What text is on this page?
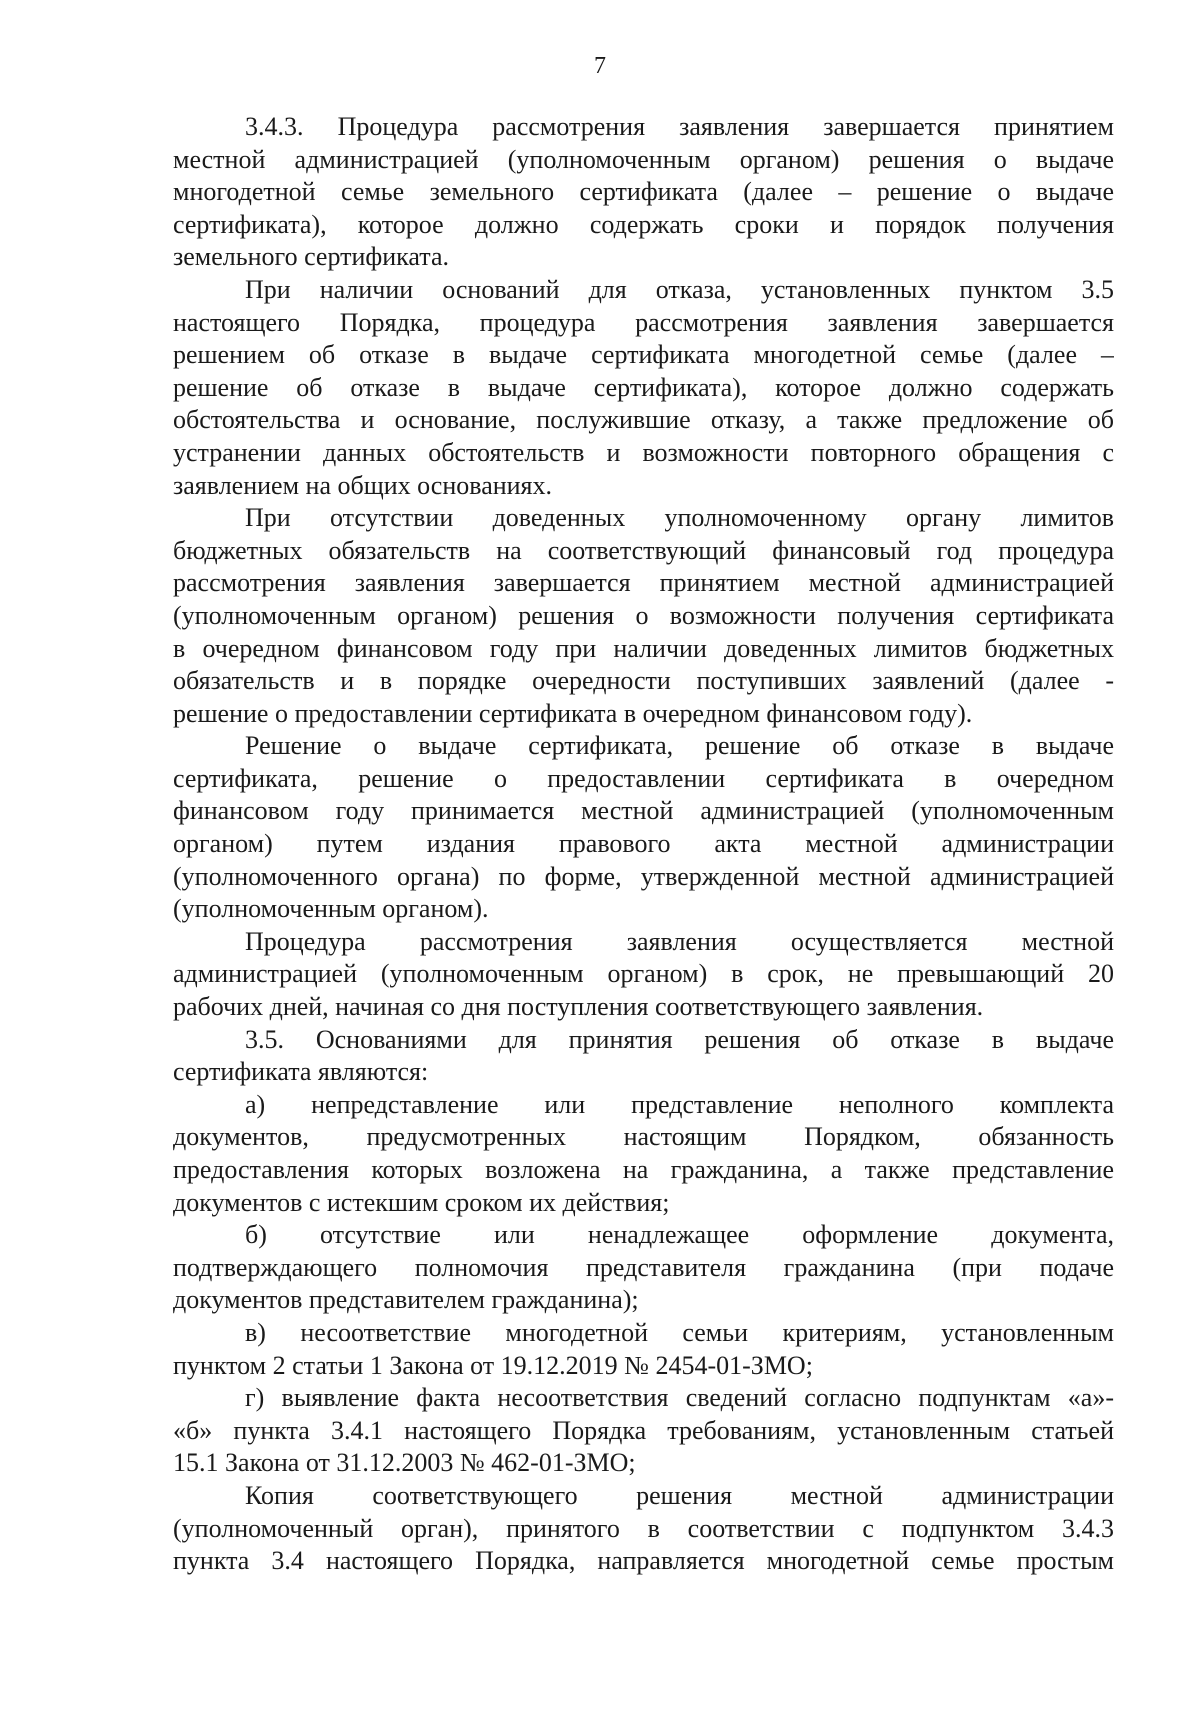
7
3.4.3. Процедура рассмотрения заявления завершается принятием
местной администрацией (уполномоченным органом) решения о выдаче
многодетной семье земельного сертификата (далее – решение о выдаче
сертификата), которое должно содержать сроки и порядок получения
земельного сертификата.
При наличии оснований для отказа, установленных пунктом 3.5
настоящего Порядка, процедура рассмотрения заявления завершается
решением об отказе в выдаче сертификата многодетной семье (далее –
решение об отказе в выдаче сертификата), которое должно содержать
обстоятельства и основание, послужившие отказу, а также предложение об
устранении данных обстоятельств и возможности повторного обращения с
заявлением на общих основаниях.
При отсутствии доведенных уполномоченному органу лимитов
бюджетных обязательств на соответствующий финансовый год процедура
рассмотрения заявления завершается принятием местной администрацией
(уполномоченным органом) решения о возможности получения сертификата
в очередном финансовом году при наличии доведенных лимитов бюджетных
обязательств и в порядке очередности поступивших заявлений (далее -
решение о предоставлении сертификата в очередном финансовом году).
Решение о выдаче сертификата, решение об отказе в выдаче
сертификата, решение о предоставлении сертификата в очередном
финансовом году принимается местной администрацией (уполномоченным
органом) путем издания правового акта местной администрации
(уполномоченного органа) по форме, утвержденной местной администрацией
(уполномоченным органом).
Процедура рассмотрения заявления осуществляется местной
администрацией (уполномоченным органом) в срок, не превышающий 20
рабочих дней, начиная со дня поступления соответствующего заявления.
3.5. Основаниями для принятия решения об отказе в выдаче
сертификата являются:
а) непредставление или представление неполного комплекта
документов, предусмотренных настоящим Порядком, обязанность
предоставления которых возложена на гражданина, а также представление
документов с истекшим сроком их действия;
б) отсутствие или ненадлежащее оформление документа,
подтверждающего полномочия представителя гражданина (при подаче
документов представителем гражданина);
в) несоответствие многодетной семьи критериям, установленным
пунктом 2 статьи 1 Закона от 19.12.2019 № 2454-01-ЗМО;
г) выявление факта несоответствия сведений согласно подпунктам «а»-
«б» пункта 3.4.1 настоящего Порядка требованиям, установленным статьей
15.1 Закона от 31.12.2003 № 462-01-ЗМО;
Копия соответствующего решения местной администрации
(уполномоченный орган), принятого в соответствии с подпунктом 3.4.3
пункта 3.4 настоящего Порядка, направляется многодетной семье простым
